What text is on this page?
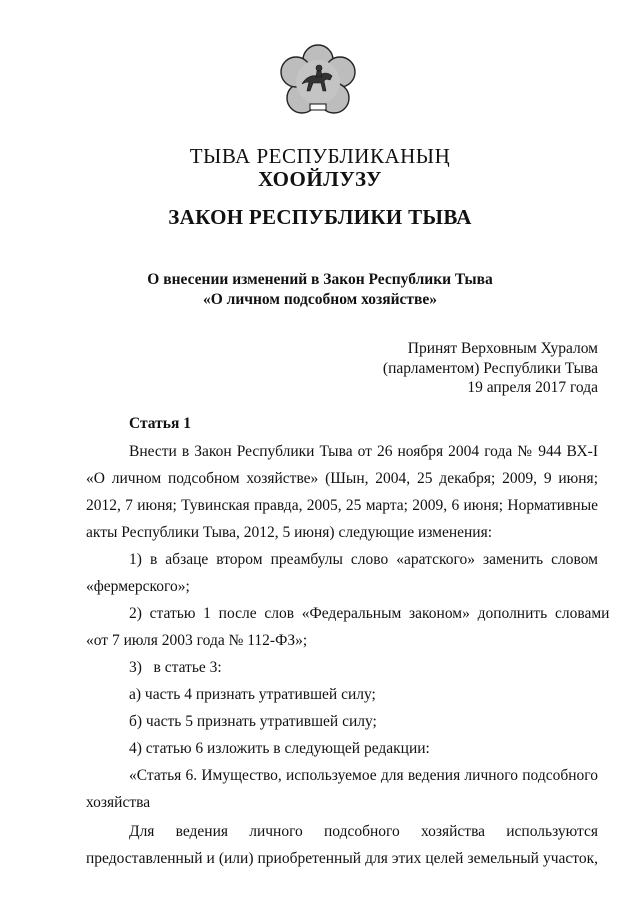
ТЫВА РЕСПУБЛИКАНЫҢ
ХООЙЛУЗУ
ЗАКОН РЕСПУБЛИКИ ТЫВА
О внесении изменений в Закон Республики Тыва
«О личном подсобном хозяйстве»
Принят Верховным Хуралом
(парламентом) Республики Тыва
19 апреля 2017 года
Статья 1
Внести в Закон Республики Тыва от 26 ноября 2004 года № 944 ВХ-I
«О личном подсобном хозяйстве» (Шын, 2004, 25 декабря; 2009, 9 июня;
2012, 7 июня; Тувинская правда, 2005, 25 марта; 2009, 6 июня; Нормативные
акты Республики Тыва, 2012, 5 июня) следующие изменения:
1)  в  абзаце  втором  преамбулы  слово  «аратского»  заменить  словом
«фермерского»;
2)  статью  1  после  слов  «Федеральным  законом»  дополнить  словами
«от 7 июля 2003 года № 112-ФЗ»;
3)   в статье 3:
а) часть 4 признать утратившей силу;
б) часть 5 признать утратившей силу;
4) статью 6 изложить в следующей редакции:
«Статья 6. Имущество, используемое для ведения личного подсобного
хозяйства
Для ведения личного подсобного хозяйства используются
предоставленный и (или) приобретенный для этих целей земельный участок,
